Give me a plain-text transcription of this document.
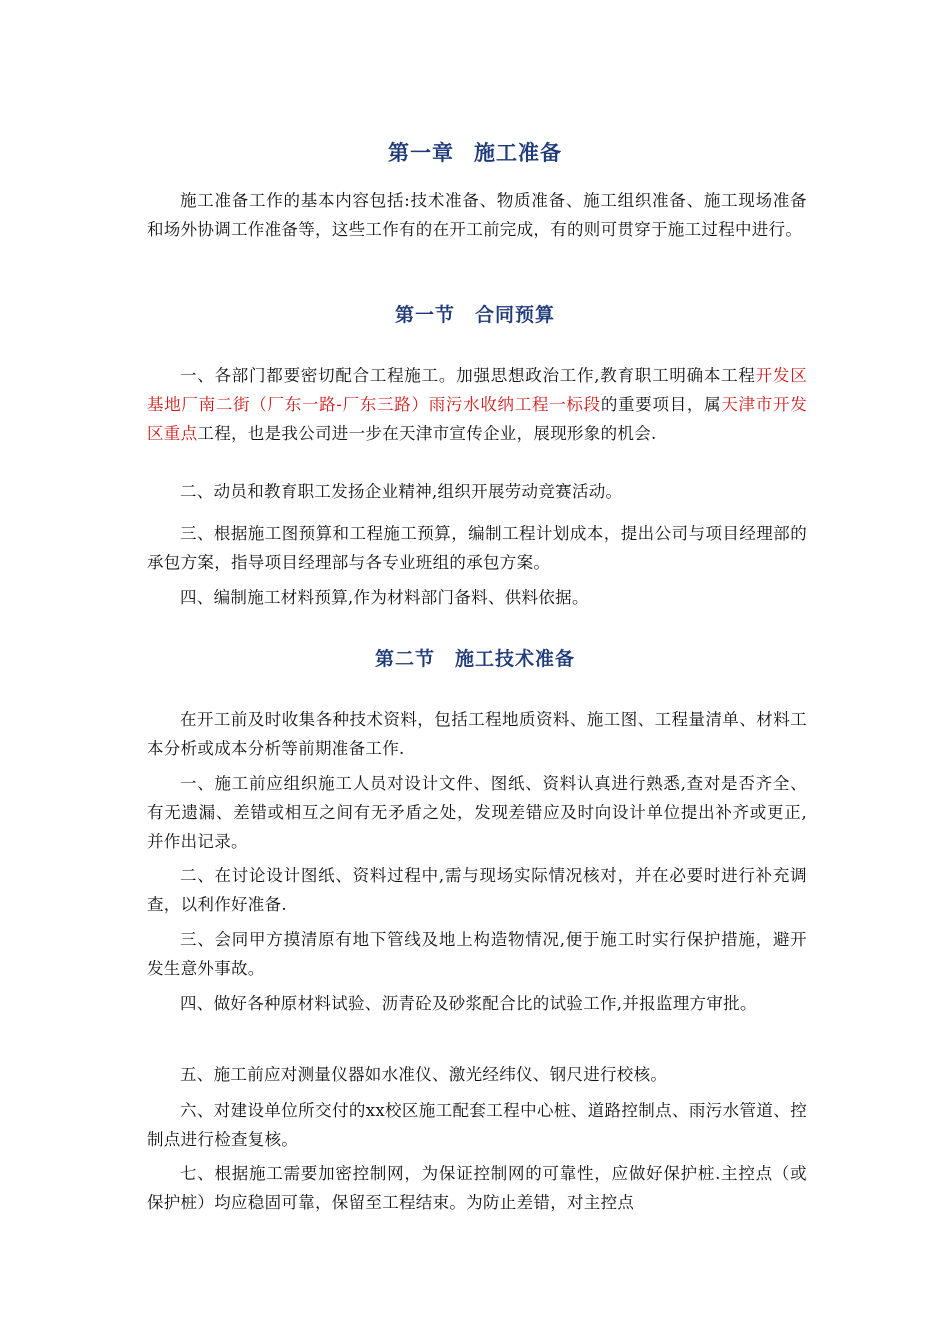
第一章 施工准备

施工准备工作的基本内容包括:技术准备、物质准备、施工组织准备、施工现场准备和场外协调工作准备等，这些工作有的在开工前完成，有的则可贯穿于施工过程中进行。

第一节 合同预算

一、各部门都要密切配合工程施工。加强思想政治工作,教育职工明确本工程开发区基地厂南二街（厂东一路-厂东三路）雨污水收纳工程一标段的重要项目，属天津市开发区重点工程，也是我公司进一步在天津市宣传企业，展现形象的机会.

二、动员和教育职工发扬企业精神,组织开展劳动竞赛活动。

三、根据施工图预算和工程施工预算，编制工程计划成本，提出公司与项目经理部的承包方案，指导项目经理部与各专业班组的承包方案。

四、编制施工材料预算,作为材料部门备料、供料依据。

第二节 施工技术准备

在开工前及时收集各种技术资料，包括工程地质资料、施工图、工程量清单、材料工本分析或成本分析等前期准备工作.

一、施工前应组织施工人员对设计文件、图纸、资料认真进行熟悉,查对是否齐全、有无遗漏、差错或相互之间有无矛盾之处，发现差错应及时向设计单位提出补齐或更正,并作出记录。

二、在讨论设计图纸、资料过程中,需与现场实际情况核对，并在必要时进行补充调查，以利作好准备.

三、会同甲方摸清原有地下管线及地上构造物情况,便于施工时实行保护措施，避开发生意外事故。

四、做好各种原材料试验、沥青砼及砂浆配合比的试验工作,并报监理方审批。

五、施工前应对测量仪器如水准仪、激光经纬仪、钢尺进行校核。

六、对建设单位所交付的xx校区施工配套工程中心桩、道路控制点、雨污水管道、控制点进行检查复核。

七、根据施工需要加密控制网，为保证控制网的可靠性，应做好保护桩.主控点（或保护桩）均应稳固可靠，保留至工程结束。为防止差错，对主控点
